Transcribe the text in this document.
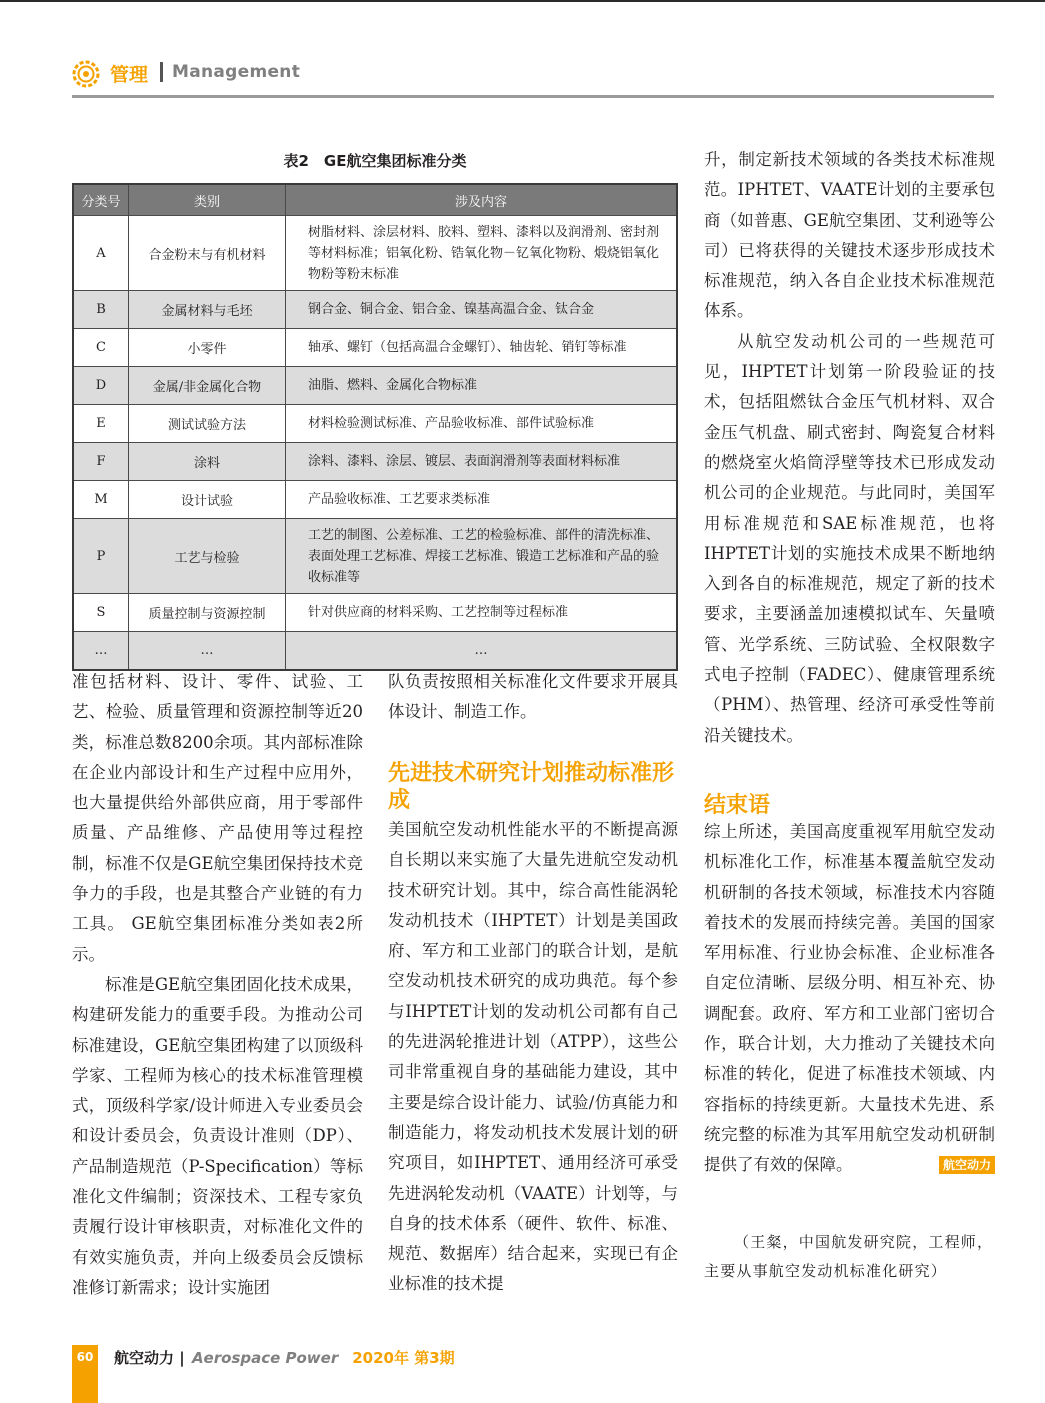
管理 Management
表2　GE航空集团标准分类
分类号	类别	涉及内容
A	合金粉末与有机材料	树脂材料、涂层材料、胶料、塑料、漆料以及润滑剂、密封剂等材料标准；铝氧化粉、锆氧化物－钇氧化物粉、煅烧铝氧化物粉等粉末标准
B	金属材料与毛坯	钢合金、铜合金、铝合金、镍基高温合金、钛合金
C	小零件	轴承、螺钉（包括高温合金螺钉）、轴齿轮、销钉等标准
D	金属/非金属化合物	油脂、燃料、金属化合物标准
E	测试试验方法	材料检验测试标准、产品验收标准、部件试验标准
F	涂料	涂料、漆料、涂层、镀层、表面润滑剂等表面材料标准
M	设计试验	产品验收标准、工艺要求类标准
P	工艺与检验	工艺的制图、公差标准、工艺的检验标准、部件的清洗标准、表面处理工艺标准、焊接工艺标准、锻造工艺标准和产品的验收标准等
S	质量控制与资源控制	针对供应商的材料采购、工艺控制等过程标准
…	…	…

准包括材料、设计、零件、试验、工艺、检验、质量管理和资源控制等近20类，标准总数8200余项。其内部标准除在企业内部设计和生产过程中应用外，也大量提供给外部供应商，用于零部件质量、产品维修、产品使用等过程控制，标准不仅是GE航空集团保持技术竞争力的手段，也是其整合产业链的有力工具。 GE航空集团标准分类如表2所示。

标准是GE航空集团固化技术成果，构建研发能力的重要手段。为推动公司标准建设，GE航空集团构建了以顶级科学家、工程师为核心的技术标准管理模式，顶级科学家/设计师进入专业委员会和设计委员会，负责设计准则（DP）、产品制造规范（P-Specification）等标准化文件编制；资深技术、工程专家负责履行设计审核职责，对标准化文件的有效实施负责，并向上级委员会反馈标准修订新需求；设计实施团

队负责按照相关标准化文件要求开展具体设计、制造工作。

先进技术研究计划推动标准形成

美国航空发动机性能水平的不断提高源自长期以来实施了大量先进航空发动机技术研究计划。其中，综合高性能涡轮发动机技术（IHPTET）计划是美国政府、军方和工业部门的联合计划，是航空发动机技术研究的成功典范。每个参与IHPTET计划的发动机公司都有自己的先进涡轮推进计划（ATPP），这些公司非常重视自身的基础能力建设，其中主要是综合设计能力、试验/仿真能力和制造能力，将发动机技术发展计划的研究项目，如IHPTET、通用经济可承受先进涡轮发动机（VAATE）计划等，与自身的技术体系（硬件、软件、标准、规范、数据库）结合起来，实现已有企业标准的技术提

升，制定新技术领域的各类技术标准规范。IPHTET、VAATE计划的主要承包商（如普惠、GE航空集团、艾利逊等公司）已将获得的关键技术逐步形成技术标准规范，纳入各自企业技术标准规范体系。

从航空发动机公司的一些规范可见，IHPTET计划第一阶段验证的技术，包括阻燃钛合金压气机材料、双合金压气机盘、刷式密封、陶瓷复合材料的燃烧室火焰筒浮壁等技术已形成发动机公司的企业规范。与此同时，美国军用标准规范和SAE标准规范，也将IHPTET计划的实施技术成果不断地纳入到各自的标准规范，规定了新的技术要求，主要涵盖加速模拟试车、矢量喷管、光学系统、三防试验、全权限数字式电子控制（FADEC）、健康管理系统（PHM）、热管理、经济可承受性等前沿关键技术。

结束语

综上所述，美国高度重视军用航空发动机标准化工作，标准基本覆盖航空发动机研制的各技术领域，标准技术内容随着技术的发展而持续完善。美国的国家军用标准、行业协会标准、企业标准各自定位清晰、层级分明、相互补充、协调配套。政府、军方和工业部门密切合作，联合计划，大力推动了关键技术向标准的转化，促进了标准技术领域、内容指标的持续更新。大量技术先进、系统完整的标准为其军用航空发动机研制提供了有效的保障。	航空动力

（王粲，中国航发研究院，工程师，主要从事航空发动机标准化研究）
60	航空动力 | Aerospace Power 2020年 第3期
